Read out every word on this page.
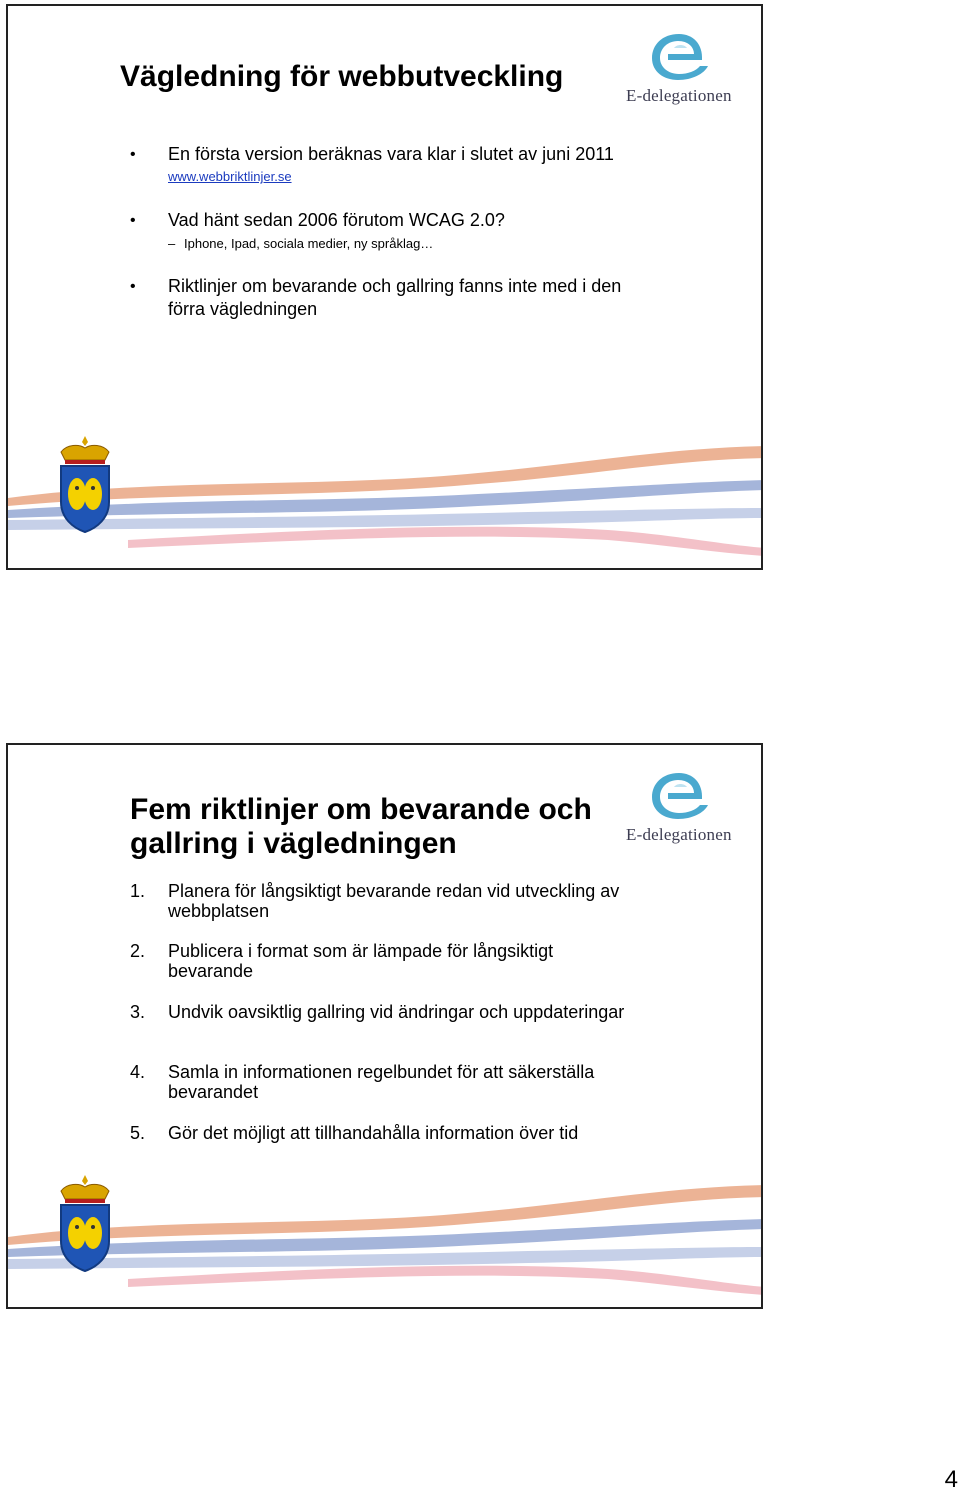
Vägledning för webbutveckling
E-delegationen
• En första version beräknas vara klar i slutet av juni 2011
www.webbriktlinjer.se
• Vad hänt sedan 2006 förutom WCAG 2.0?
– Iphone, Ipad, sociala medier, ny språklag…
• Riktlinjer om bevarande och gallring fanns inte med i den förra vägledningen
Fem riktlinjer om bevarande och
gallring i vägledningen	E-delegationen
1. Planera för långsiktigt bevarande redan vid utveckling av webbplatsen
2. Publicera i format som är lämpade för långsiktigt bevarande
3. Undvik oavsiktlig gallring vid ändringar och uppdateringar
4. Samla in informationen regelbundet för att säkerställa bevarandet
5. Gör det möjligt att tillhandahålla information över tid
4
